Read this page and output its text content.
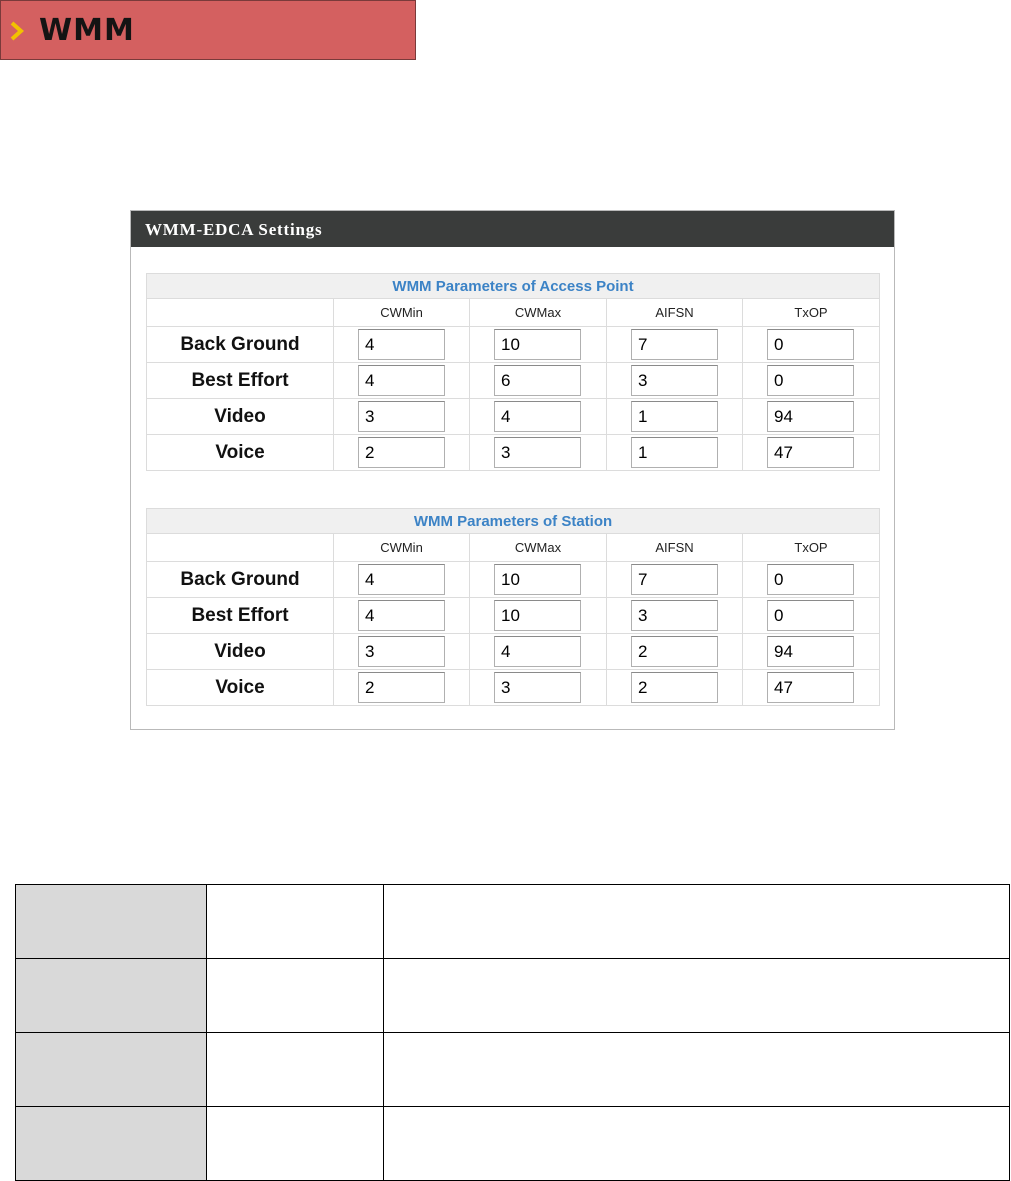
WMM
WMM-EDCA Settings
WMM Parameters of Access Point				
	CWMin	CWMax	AIFSN	TxOP
Back Ground	4	10	7	0
Best Effort	4	6	3	0
Video	3	4	1	94
Voice	2	3	1	47
WMM Parameters of Station				
	CWMin	CWMax	AIFSN	TxOP
Back Ground	4	10	7	0
Best Effort	4	10	3	0
Video	3	4	2	94
Voice	2	3	2	47
